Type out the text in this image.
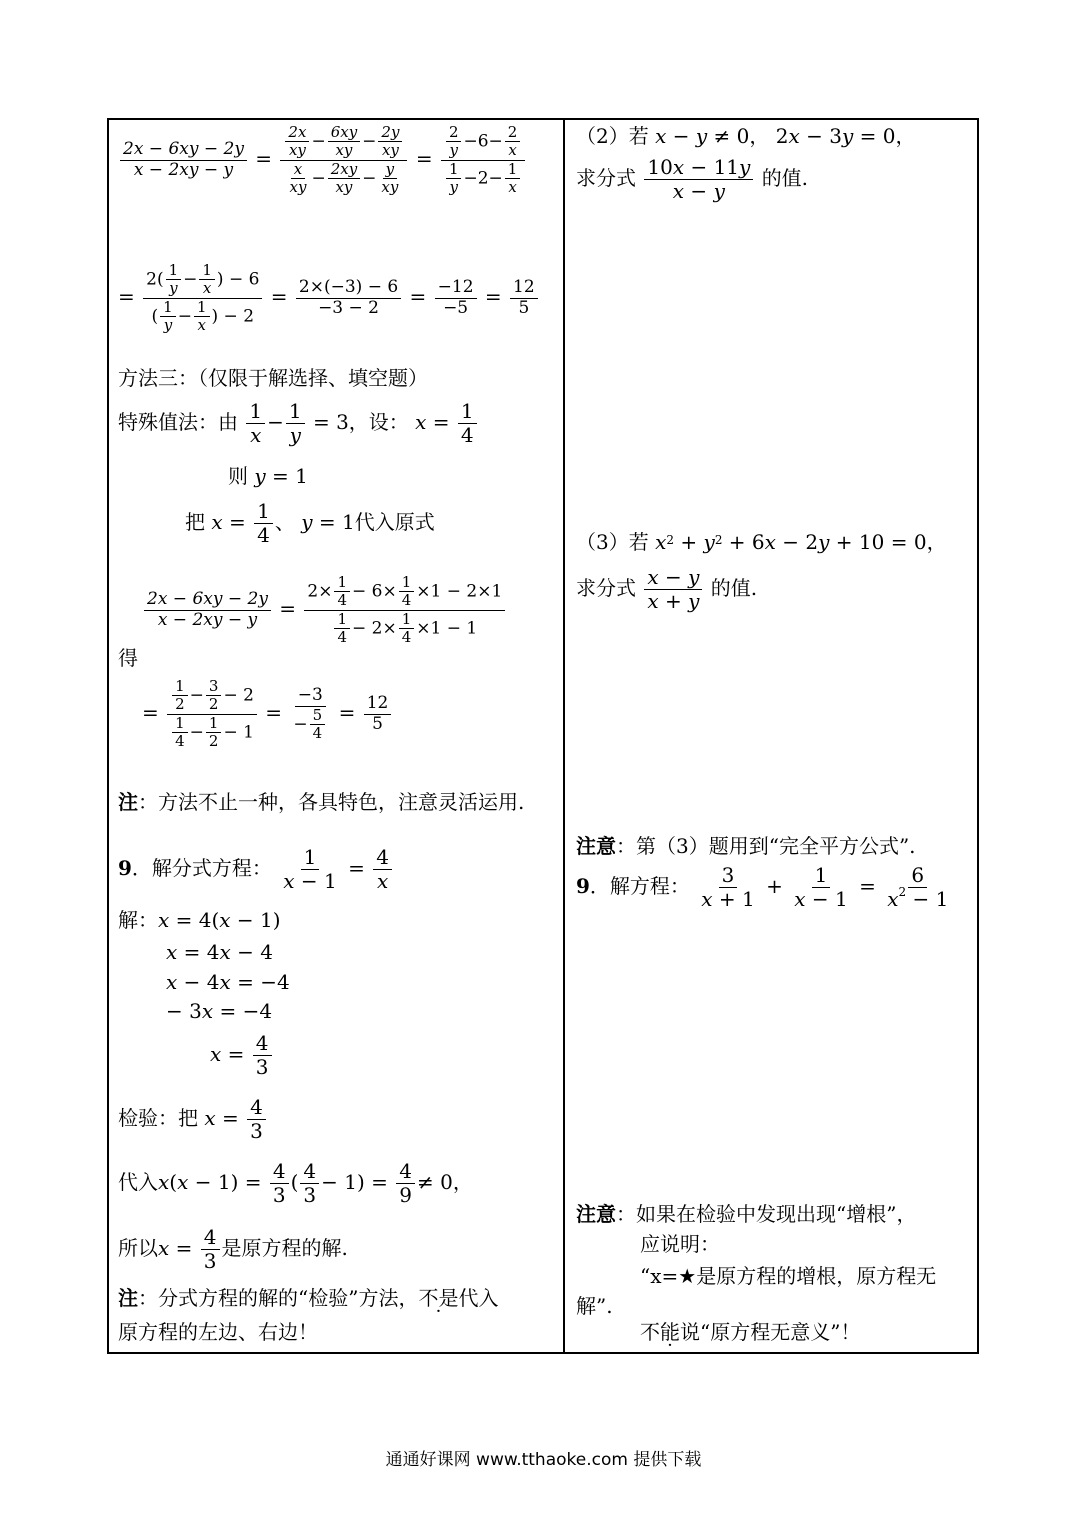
$\frac{2x - 6xy - 2y}{x - 2xy - y} = \frac{\frac{2x}{xy} - \frac{6xy}{xy} - \frac{2y}{xy}}{\frac{x}{xy} - \frac{2xy}{xy} - \frac{y}{xy}} = \frac{\frac{2}{y} -6- \frac{2}{x}}{\frac{1}{y} -2- \frac{1}{x}}$
= $\frac{2( \frac{1}{y} - \frac{1}{x} ) - 6}{( \frac{1}{y} - \frac{1}{x} ) - 2} = \frac{2\times(-3) - 6}{-3 - 2} = \frac{-12}{-5} = \frac{12}{5}$
方法三：（仅限于解选择、填空题）
特殊值法：由 $\frac{1}{x} - \frac{1}{y} = 3$，设： $x = \frac{1}{4}$
则 y = 1
把 $x = \frac{1}{4}$ 、 y = 1代入原式
$\frac{2x - 6xy - 2y}{x - 2xy - y} = \frac{2\times \frac{1}{4} - 6\times \frac{1}{4} \times 1 - 2\times 1}{\frac{1}{4} - 2\times \frac{1}{4} \times 1 - 1}$
得
= $\frac{\frac{1}{2} - \frac{3}{2} - 2}{\frac{1}{4} - \frac{1}{2} - 1} = \frac{-3}{- \frac{5}{4}} = \frac{12}{5}$
注：方法不止一种，各具特色，注意灵活运用.
9．解分式方程： $\frac{1}{x - 1} = \frac{4}{x}$
解：x = 4(x − 1)
x = 4x − 4
x − 4x = −4
− 3x = −4
$x = \frac{4}{3}$
检验：把 $x = \frac{4}{3}$
代入$x(x - 1) = \frac{4}{3}$ ( $\frac{4}{3} - 1) = \frac{4}{9} \ne 0$，
所以$x = \frac{4}{3}$ 是原方程的解.
注：分式方程的解的“检验”方法，不是代入
原方程的左边、右边！
（2）若 x − y ≠ 0， 2x − 3y = 0，
求分式 $\frac{10x - 11y}{x - y}$ 的值.
（3）若 $x^2 + y^2 + 6x - 2y + 10 = 0$，
求分式 $\frac{x - y}{x + y}$ 的值.
注意：第（3）题用到“完全平方公式”.
9．解方程： $\frac{3}{x + 1} + \frac{1}{x - 1} = \frac{6}{x^2 - 1}$
注意：如果在检验中发现出现“增根”，
应说明：
“x=★是原方程的增根，原方程无
解”.
不能说“原方程无意义”！
通通好课网 www.tthaoke.com 提供下载
